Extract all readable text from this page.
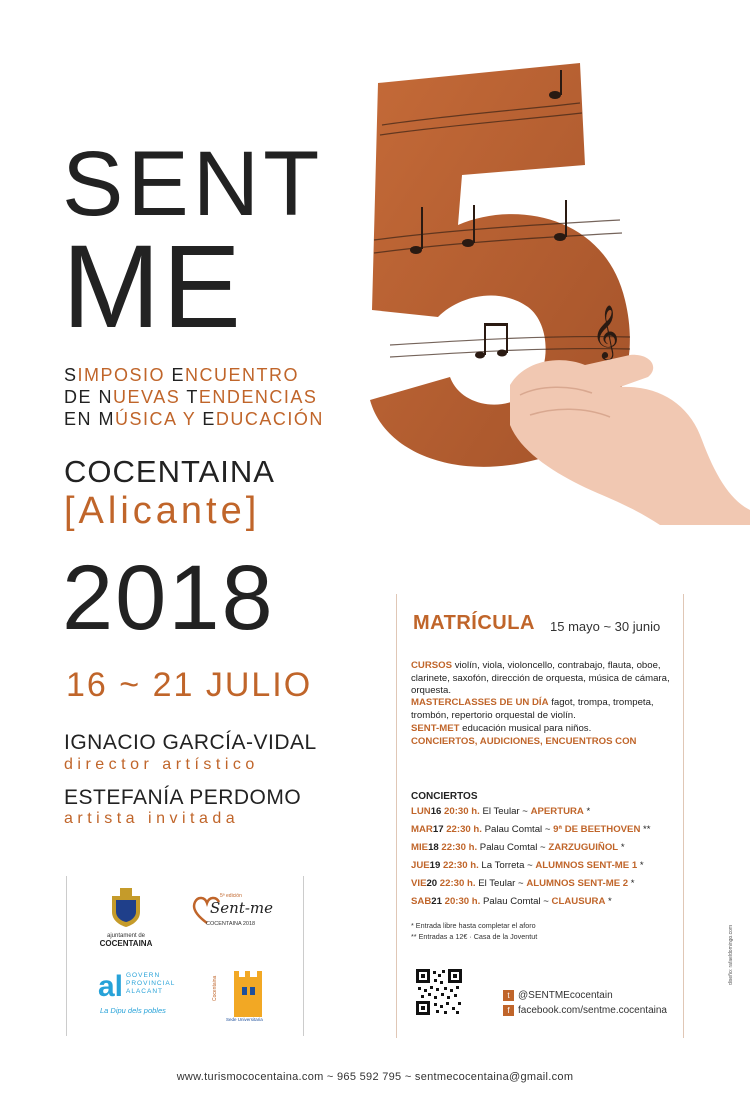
SENT
ME
SIMPOSIO ENCUENTRO
DE NUEVAS TENDENCIAS
EN MÚSICA Y EDUCACIÓN
COCENTAINA
[Alicante]
2018
16 ~ 21 JULIO
IGNACIO GARCÍA-VIDAL
director artístico
ESTEFANÍA PERDOMO
artista invitada
𝄞
ajuntament de
COCENTAINA
5ª edición
Sent-me
COCENTAINA 2018
al GOVERN
PROVINCIAL
ALACANT
La Dipu dels pobles
Cocentaina
Sede Universitaria
MATRÍCULA 15 mayo ~ 30 junio
CURSOS violín, viola, violoncello, contrabajo, flauta, oboe, clarinete, saxofón, dirección de orquesta, música de cámara, orquesta.
MASTERCLASSES DE UN DÍA fagot, trompa, trompeta, trombón, repertorio orquestal de violín.
SENT-MET educación musical para niños.
CONCIERTOS, AUDICIONES, ENCUENTROS CON
CONCIERTOS
LUN16 20:30 h. El Teular ~ APERTURA *
MAR17 22:30 h. Palau Comtal ~ 9ª DE BEETHOVEN **
MIE18 22:30 h. Palau Comtal ~ ZARZUGUIÑOL *
JUE19 22:30 h. La Torreta ~ ALUMNOS SENT-ME 1 *
VIE20 22:30 h. El Teular ~ ALUMNOS SENT-ME 2 *
SAB21 20:30 h. Palau Comtal ~ CLAUSURA *
* Entrada libre hasta completar el aforo
** Entradas a 12€ · Casa de la Joventut
t @SENTMEcocentain
f facebook.com/sentme.cocentaina
diseño: rafaeldomingo.com
www.turismococentaina.com ~ 965 592 795 ~ sentmecocentaina@gmail.com
